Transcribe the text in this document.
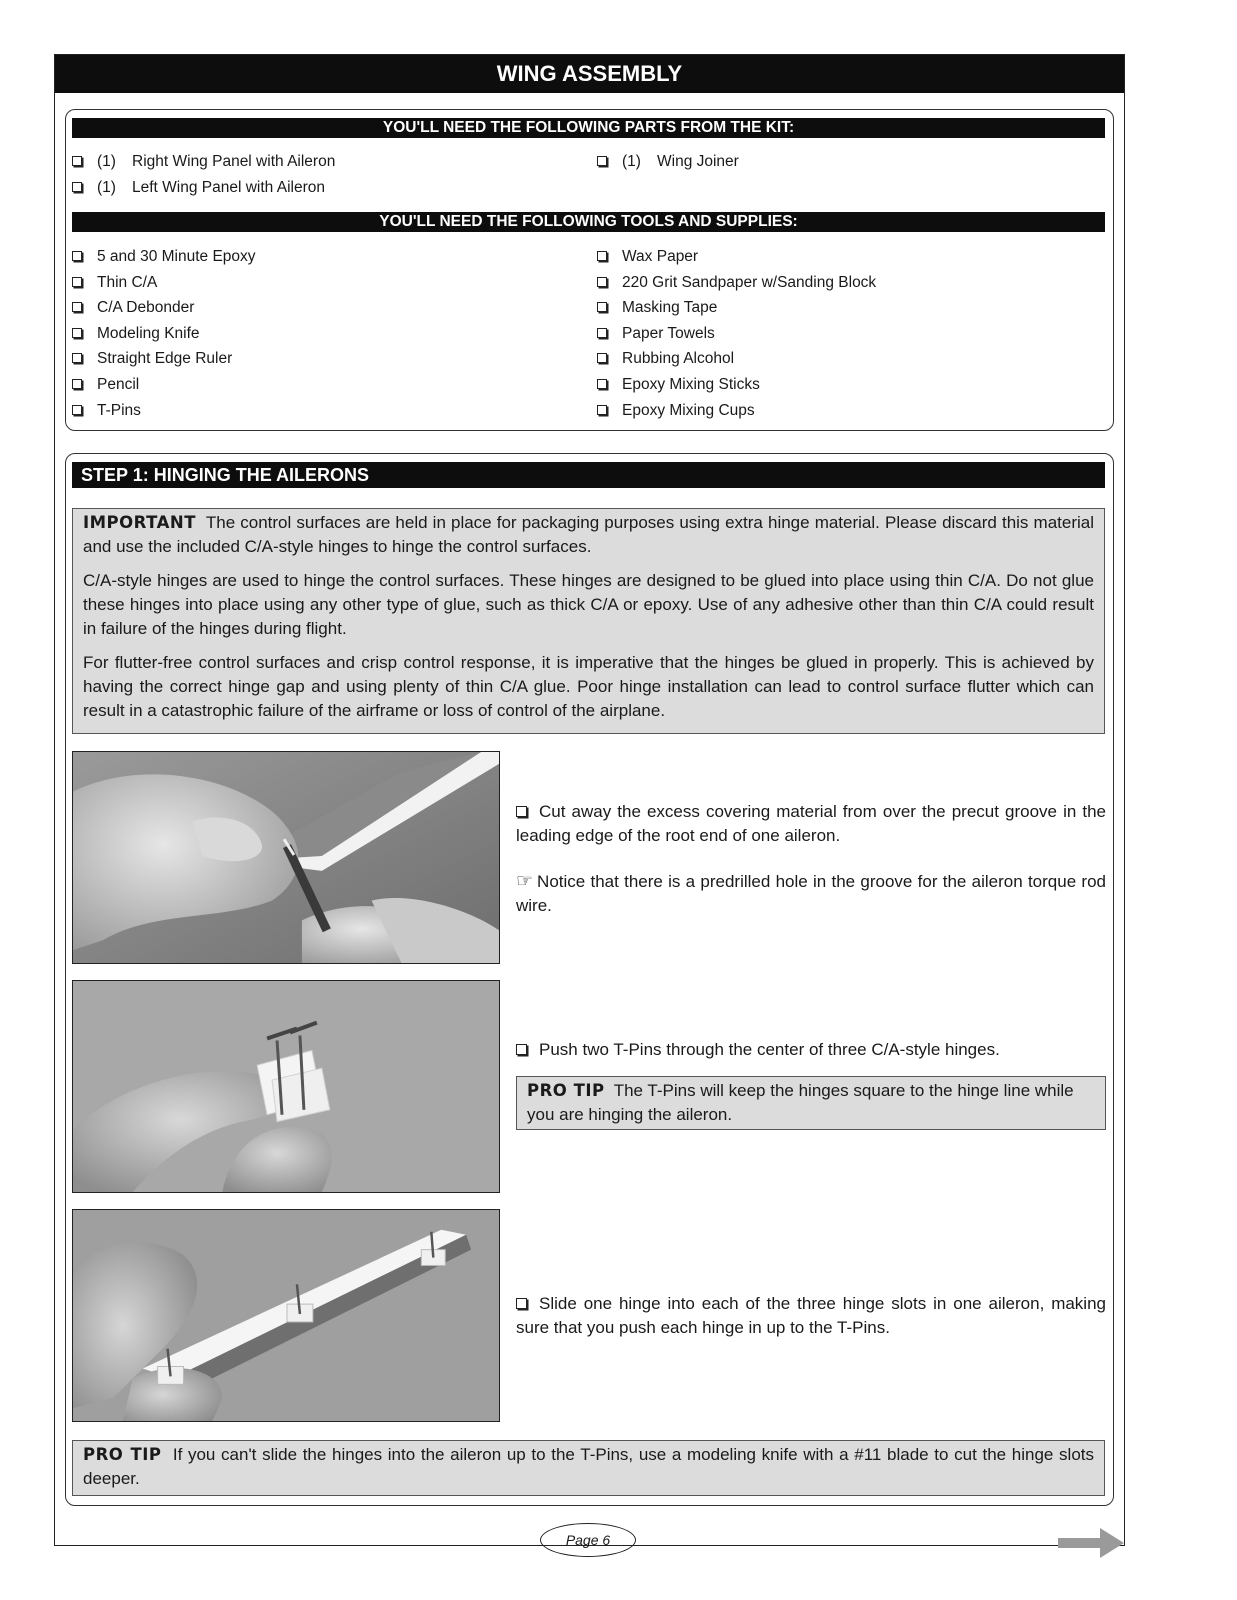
WING ASSEMBLY
YOU'LL NEED THE FOLLOWING PARTS FROM THE KIT:
(1) Right Wing Panel with Aileron
(1) Left Wing Panel with Aileron
(1) Wing Joiner
YOU'LL NEED THE FOLLOWING TOOLS AND SUPPLIES:
5 and 30 Minute Epoxy
Thin C/A
C/A Debonder
Modeling Knife
Straight Edge Ruler
Pencil
T-Pins
Wax Paper
220 Grit Sandpaper w/Sanding Block
Masking Tape
Paper Towels
Rubbing Alcohol
Epoxy Mixing Sticks
Epoxy Mixing Cups
STEP 1: HINGING THE AILERONS

IMPORTANT The control surfaces are held in place for packaging purposes using extra hinge material. Please discard this material and use the included C/A-style hinges to hinge the control surfaces.

C/A-style hinges are used to hinge the control surfaces. These hinges are designed to be glued into place using thin C/A. Do not glue these hinges into place using any other type of glue, such as thick C/A or epoxy. Use of any adhesive other than thin C/A could result in failure of the hinges during flight.

For flutter-free control surfaces and crisp control response, it is imperative that the hinges be glued in properly. This is achieved by having the correct hinge gap and using plenty of thin C/A glue. Poor hinge installation can lead to control surface flutter which can result in a catastrophic failure of the airframe or loss of control of the airplane.

Cut away the excess covering material from over the precut groove in the leading edge of the root end of one aileron.

☞ Notice that there is a predrilled hole in the groove for the aileron torque rod wire.

Push two T-Pins through the center of three C/A-style hinges.

PRO TIP The T-Pins will keep the hinges square to the hinge line while you are hinging the aileron.

Slide one hinge into each of the three hinge slots in one aileron, making sure that you push each hinge in up to the T-Pins.

PRO TIP If you can't slide the hinges into the aileron up to the T-Pins, use a modeling knife with a #11 blade to cut the hinge slots deeper.

Page 6
